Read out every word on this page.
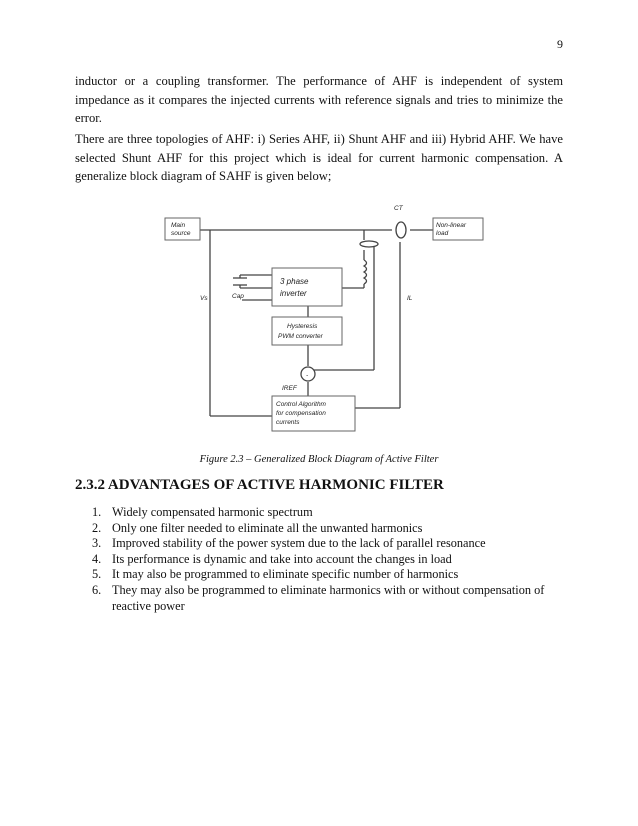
9

inductor or a coupling transformer. The performance of AHF is independent of system impedance as it compares the injected currents with reference signals and tries to minimize the error.

There are three topologies of AHF: i) Series AHF, ii) Shunt AHF and iii) Hybrid AHF. We have selected Shunt AHF for this project which is ideal for current harmonic compensation. A generalize block diagram of SAHF is given below;

Main
source
Non-linear
load
CT
Vs	IL
Cap
3 phase
inverter
Hysteresis
PWM converter
-
IREF
Control Algorithm
for compensation
currents
Figure 2.3 – Generalized Block Diagram of Active Filter
2.3.2 ADVANTAGES OF ACTIVE HARMONIC FILTER
1. Widely compensated harmonic spectrum
2. Only one filter needed to eliminate all the unwanted harmonics
3. Improved stability of the power system due to the lack of parallel resonance
4. Its performance is dynamic and take into account the changes in load
5. It may also be programmed to eliminate specific number of harmonics
6. They may also be programmed to eliminate harmonics with or without compensation of reactive power
